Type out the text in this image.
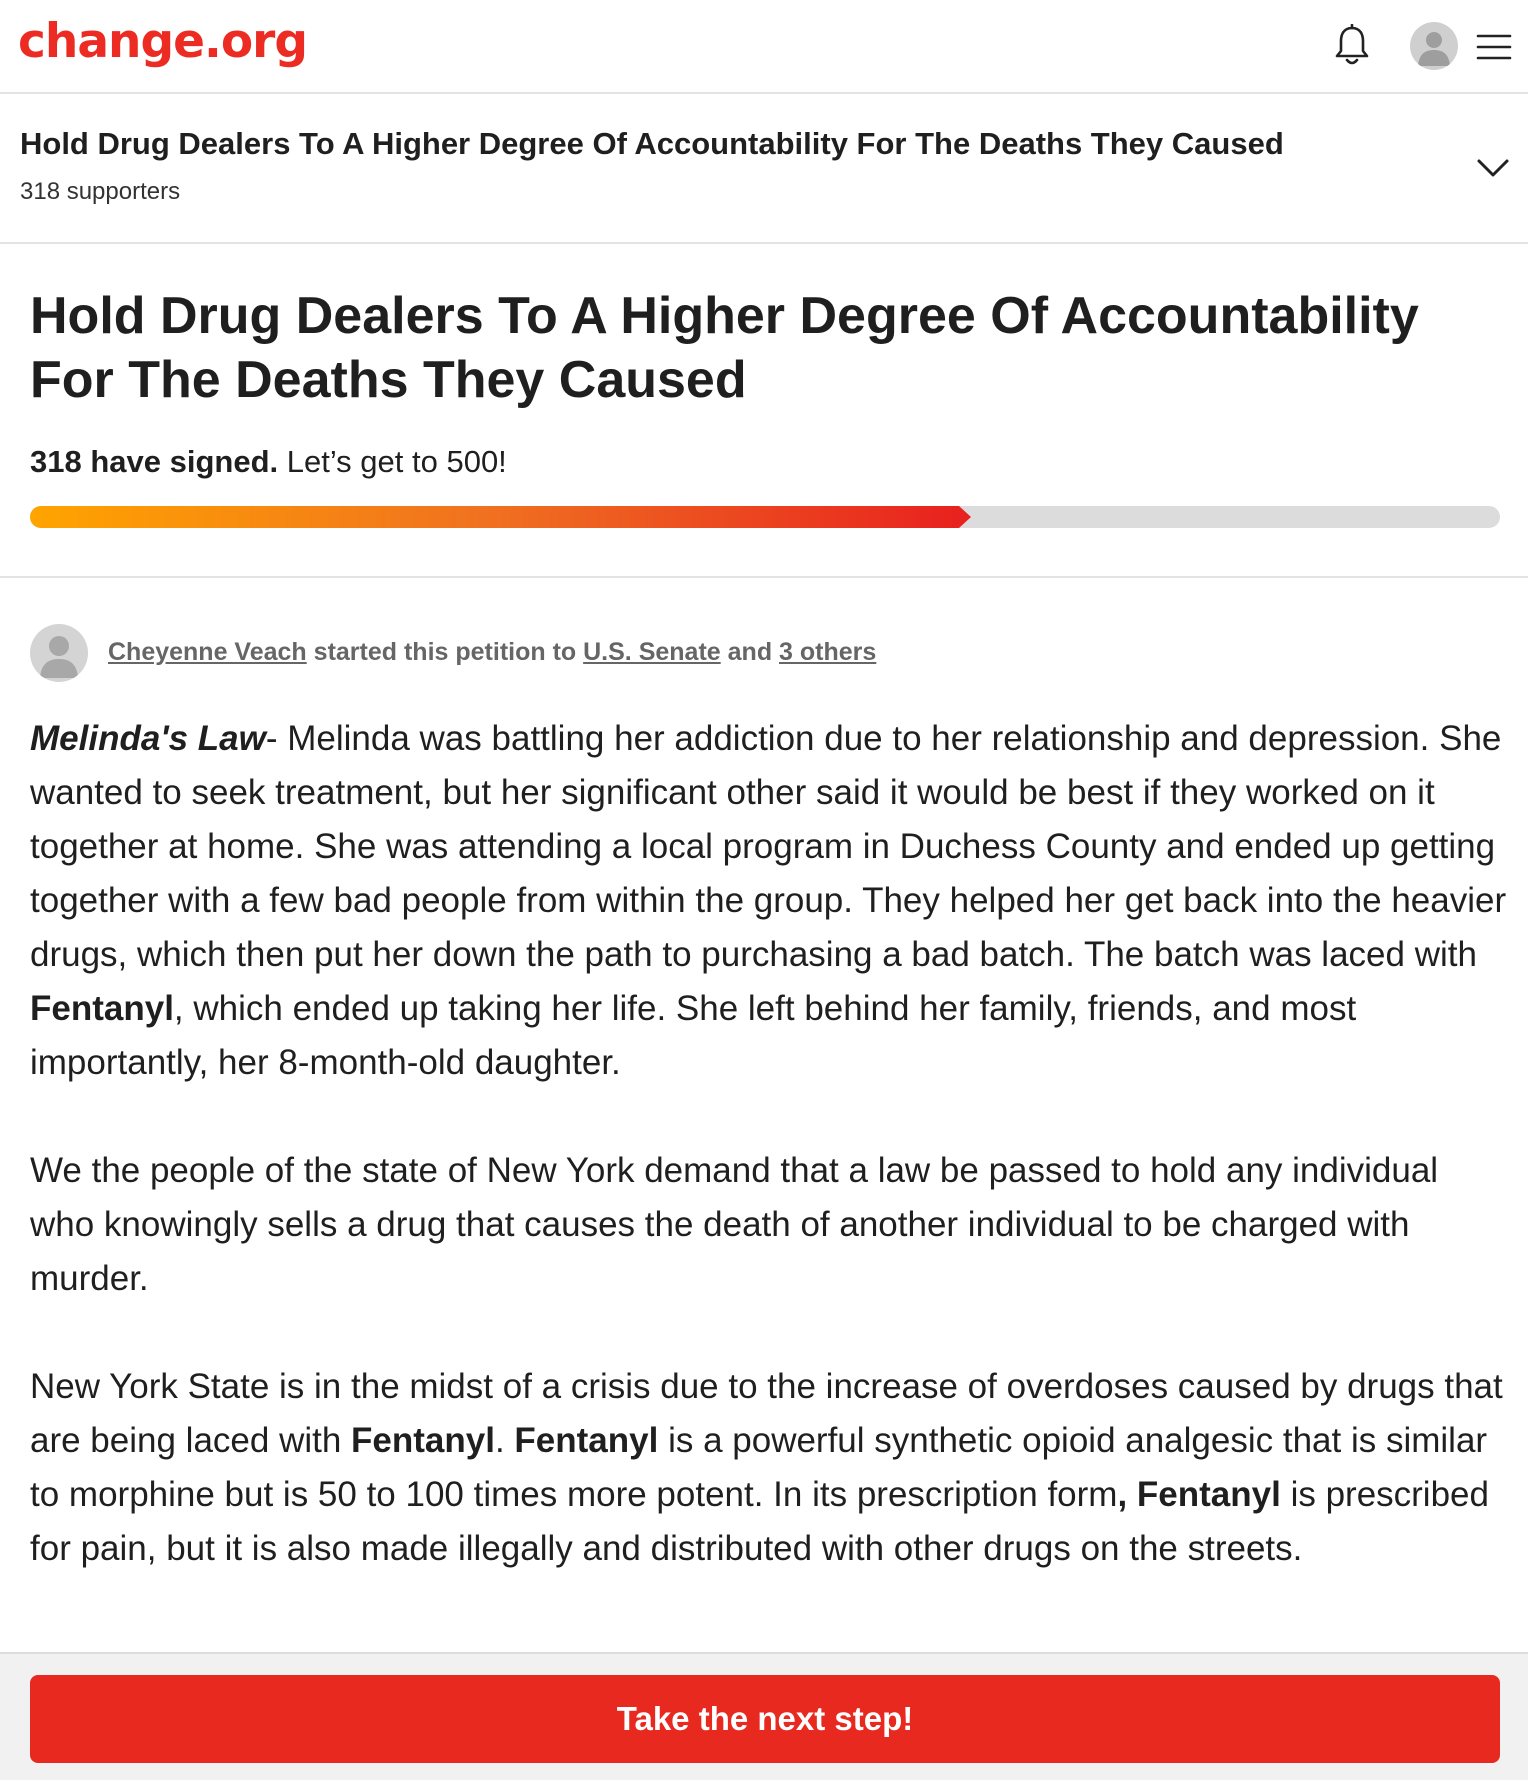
change.org
Hold Drug Dealers To A Higher Degree Of Accountability For The Deaths They Caused
318 supporters
Hold Drug Dealers To A Higher Degree Of Accountability For The Deaths They Caused
318 have signed. Let’s get to 500!
Cheyenne Veach started this petition to U.S. Senate and 3 others

Melinda's Law- Melinda was battling her addiction due to her relationship and depression. She wanted to seek treatment, but her significant other said it would be best if they worked on it together at home. She was attending a local program in Duchess County and ended up getting together with a few bad people from within the group. They helped her get back into the heavier drugs, which then put her down the path to purchasing a bad batch. The batch was laced with Fentanyl, which ended up taking her life. She left behind her family, friends, and most importantly, her 8-month-old daughter.

We the people of the state of New York demand that a law be passed to hold any individual who knowingly sells a drug that causes the death of another individual to be charged with murder.

New York State is in the midst of a crisis due to the increase of overdoses caused by drugs that are being laced with Fentanyl. Fentanyl is a powerful synthetic opioid analgesic that is similar to morphine but is 50 to 100 times more potent. In its prescription form, Fentanyl is prescribed for pain, but it is also made illegally and distributed with other drugs on the streets.

Take the next step!
